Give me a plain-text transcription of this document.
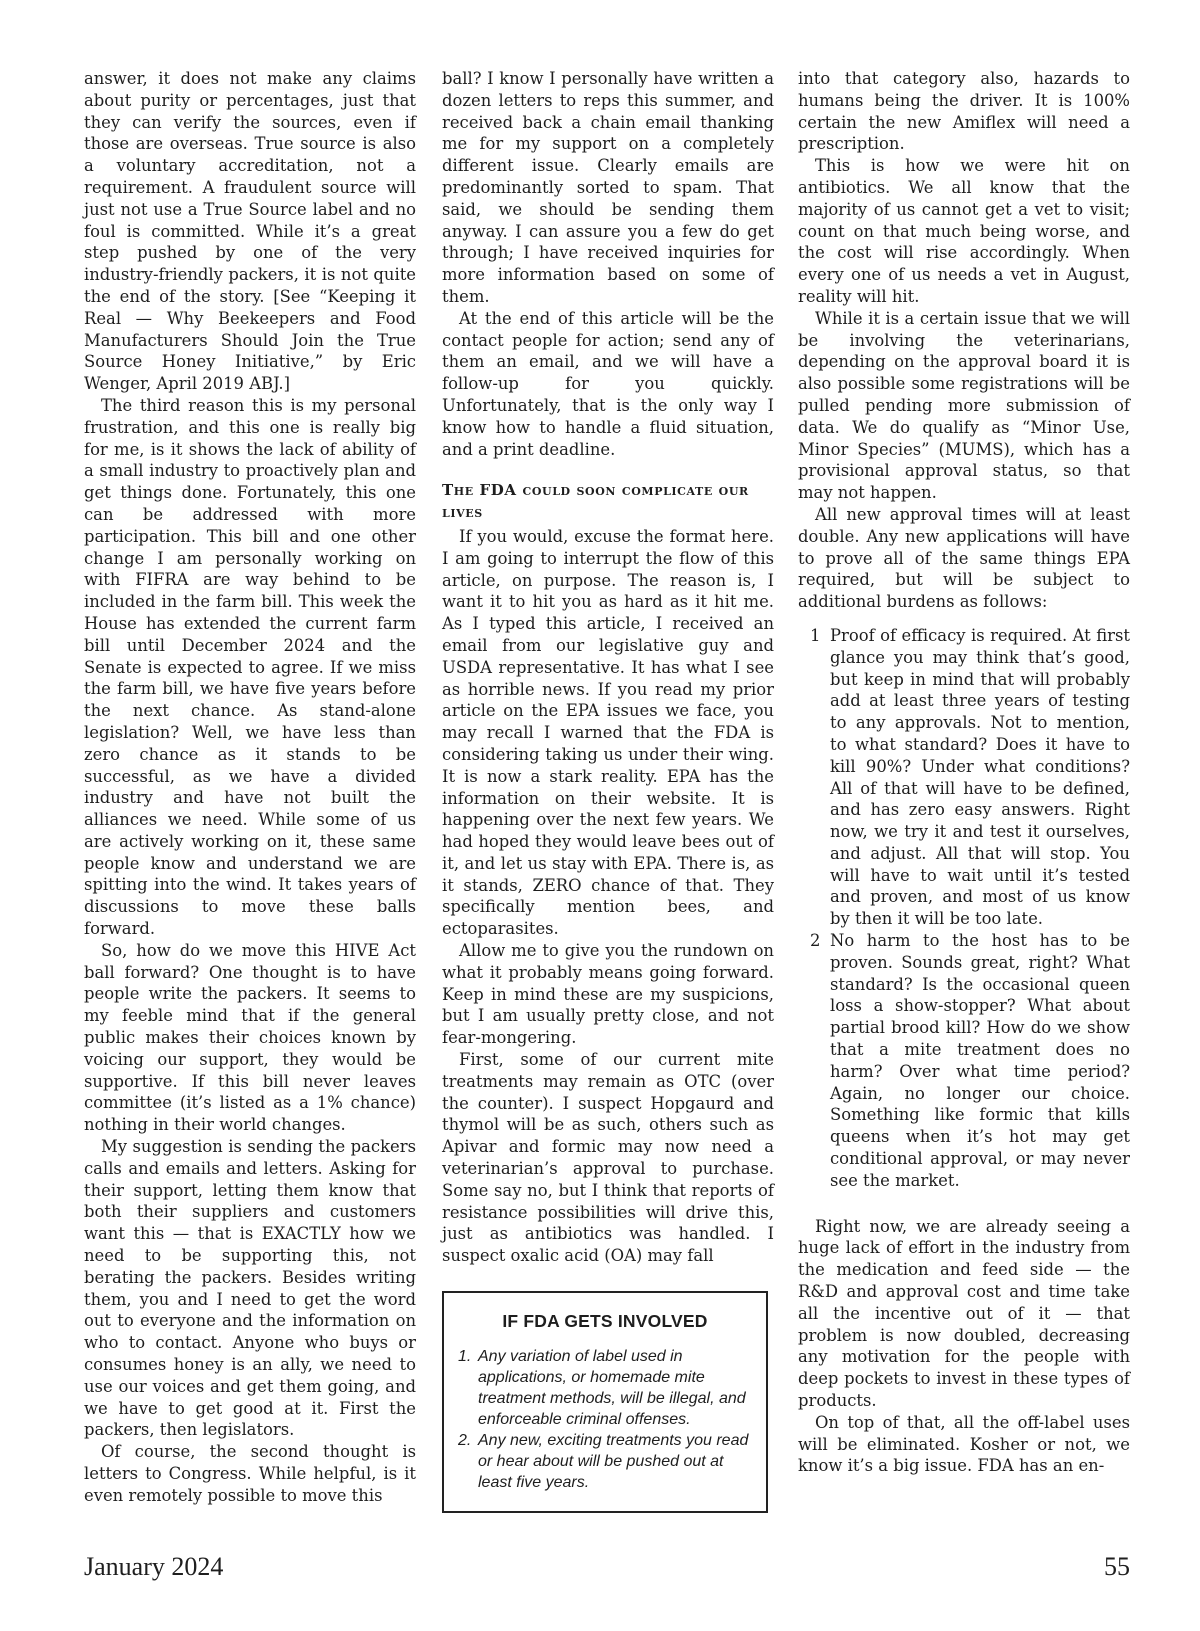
answer, it does not make any claims about purity or percentages, just that they can verify the sources, even if those are overseas. True source is also a voluntary accreditation, not a requirement. A fraudulent source will just not use a True Source label and no foul is committed. While it’s a great step pushed by one of the very industry-friendly packers, it is not quite the end of the story. [See “Keeping it Real — Why Beekeepers and Food Manufacturers Should Join the True Source Honey Initiative,” by Eric Wenger, April 2019 ABJ.]

The third reason this is my personal frustration, and this one is really big for me, is it shows the lack of ability of a small industry to proactively plan and get things done. Fortunately, this one can be addressed with more participation. This bill and one other change I am personally working on with FIFRA are way behind to be included in the farm bill. This week the House has extended the current farm bill until December 2024 and the Senate is expected to agree. If we miss the farm bill, we have five years before the next chance. As stand-alone legislation? Well, we have less than zero chance as it stands to be successful, as we have a divided industry and have not built the alliances we need. While some of us are actively working on it, these same people know and understand we are spitting into the wind. It takes years of discussions to move these balls forward.

So, how do we move this HIVE Act ball forward? One thought is to have people write the packers. It seems to my feeble mind that if the general public makes their choices known by voicing our support, they would be supportive. If this bill never leaves committee (it’s listed as a 1% chance) nothing in their world changes.

My suggestion is sending the packers calls and emails and letters. Asking for their support, letting them know that both their suppliers and customers want this — that is EXACTLY how we need to be supporting this, not berating the packers. Besides writing them, you and I need to get the word out to everyone and the information on who to contact. Anyone who buys or consumes honey is an ally, we need to use our voices and get them going, and we have to get good at it. First the packers, then legislators.

Of course, the second thought is letters to Congress. While helpful, is it even remotely possible to move this

ball? I know I personally have written a dozen letters to reps this summer, and received back a chain email thanking me for my support on a completely different issue. Clearly emails are predominantly sorted to spam. That said, we should be sending them anyway. I can assure you a few do get through; I have received inquiries for more information based on some of them.

At the end of this article will be the contact people for action; send any of them an email, and we will have a follow-up for you quickly. Unfortunately, that is the only way I know how to handle a fluid situation, and a print deadline.

The FDA could soon complicate our lives

If you would, excuse the format here. I am going to interrupt the flow of this article, on purpose. The reason is, I want it to hit you as hard as it hit me. As I typed this article, I received an email from our legislative guy and USDA representative. It has what I see as horrible news. If you read my prior article on the EPA issues we face, you may recall I warned that the FDA is considering taking us under their wing. It is now a stark reality. EPA has the information on their website. It is happening over the next few years. We had hoped they would leave bees out of it, and let us stay with EPA. There is, as it stands, ZERO chance of that. They specifically mention bees, and ectoparasites.

Allow me to give you the rundown on what it probably means going forward. Keep in mind these are my suspicions, but I am usually pretty close, and not fear-mongering.

First, some of our current mite treatments may remain as OTC (over the counter). I suspect Hopgaurd and thymol will be as such, others such as Apivar and formic may now need a veterinarian’s approval to purchase. Some say no, but I think that reports of resistance possibilities will drive this, just as antibiotics was handled. I suspect oxalic acid (OA) may fall

IF FDA GETS INVOLVED
1. Any variation of label used in applications, or homemade mite treatment methods, will be illegal, and enforceable criminal offenses.
2. Any new, exciting treatments you read or hear about will be pushed out at least five years.

into that category also, hazards to humans being the driver. It is 100% certain the new Amiflex will need a prescription.

This is how we were hit on antibiotics. We all know that the majority of us cannot get a vet to visit; count on that much being worse, and the cost will rise accordingly. When every one of us needs a vet in August, reality will hit.

While it is a certain issue that we will be involving the veterinarians, depending on the approval board it is also possible some registrations will be pulled pending more submission of data. We do qualify as “Minor Use, Minor Species” (MUMS), which has a provisional approval status, so that may not happen.

All new approval times will at least double. Any new applications will have to prove all of the same things EPA required, but will be subject to additional burdens as follows:

1 Proof of efficacy is required. At first glance you may think that’s good, but keep in mind that will probably add at least three years of testing to any approvals. Not to mention, to what standard? Does it have to kill 90%? Under what conditions? All of that will have to be defined, and has zero easy answers. Right now, we try it and test it ourselves, and adjust. All that will stop. You will have to wait until it’s tested and proven, and most of us know by then it will be too late.
2 No harm to the host has to be proven. Sounds great, right? What standard? Is the occasional queen loss a show-stopper? What about partial brood kill? How do we show that a mite treatment does no harm? Over what time period? Again, no longer our choice. Something like formic that kills queens when it’s hot may get conditional approval, or may never see the market.

Right now, we are already seeing a huge lack of effort in the industry from the medication and feed side — the R&D and approval cost and time take all the incentive out of it — that problem is now doubled, decreasing any motivation for the people with deep pockets to invest in these types of products.

On top of that, all the off-label uses will be eliminated. Kosher or not, we know it’s a big issue. FDA has an en-

January 2024	55
